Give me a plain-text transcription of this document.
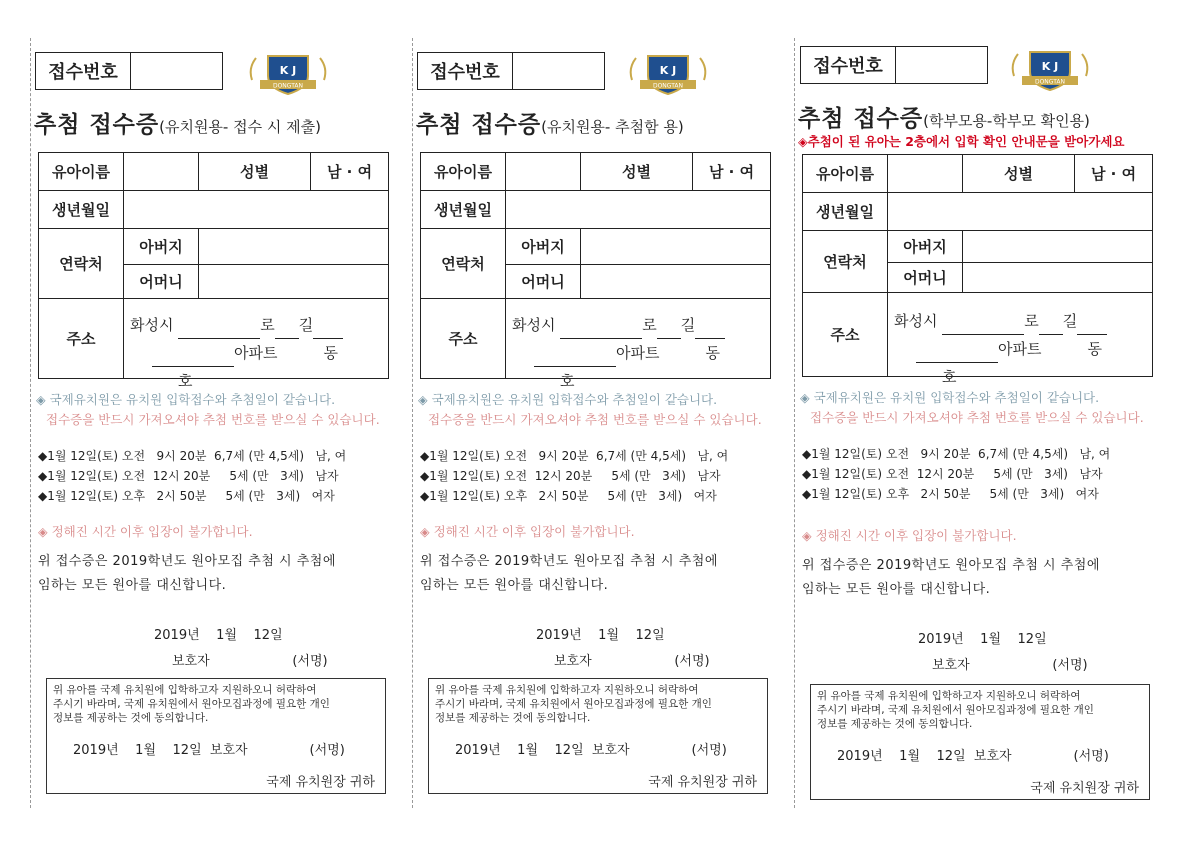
접수번호	K J
DONGTAN
추첨 접수증(유치원용- 접수 시 제출)
유아이름		성별	남 · 여
생년월일			
연락처	아버지		
	어머니		
주소	화성시 로 길
아파트 동호		
◈ 국제유치원은 유치원 입학접수와 추첨일이 같습니다.
접수증을 반드시 가져오셔야 추첨 번호를 받으실 수 있습니다.
◆1월 12일(토) 오전   9시 20분  6,7세 (만 4,5세)   남, 여
◆1월 12일(토) 오전  12시 20분     5세 (만   3세)   남자
◆1월 12일(토) 오후   2시 50분     5세 (만   3세)   여자
◈ 정해진 시간 이후 입장이 불가합니다.
위 접수증은 2019학년도 원아모집 추첨 시 추첨에
임하는 모든 원아를 대신합니다.
2019년    1월    12일
보호자                    (서명)
위 유아를 국제 유치원에 입학하고자 지원하오니 허락하여
주시기 바라며, 국제 유치원에서 원아모집과정에 필요한 개인
정보를 제공하는 것에 동의합니다.
2019년    1월    12일  보호자               (서명)
국제 유치원장 귀하
접수번호	K J
DONGTAN
추첨 접수증(유치원용- 추첨함 용)
유아이름		성별	남 · 여
생년월일			
연락처	아버지		
	어머니		
주소	화성시 로 길
아파트 동호		
◈ 국제유치원은 유치원 입학접수와 추첨일이 같습니다.
접수증을 반드시 가져오셔야 추첨 번호를 받으실 수 있습니다.
◆1월 12일(토) 오전   9시 20분  6,7세 (만 4,5세)   남, 여
◆1월 12일(토) 오전  12시 20분     5세 (만   3세)   남자
◆1월 12일(토) 오후   2시 50분     5세 (만   3세)   여자
◈ 정해진 시간 이후 입장이 불가합니다.
위 접수증은 2019학년도 원아모집 추첨 시 추첨에
임하는 모든 원아를 대신합니다.
2019년    1월    12일
보호자                    (서명)
위 유아를 국제 유치원에 입학하고자 지원하오니 허락하여
주시기 바라며, 국제 유치원에서 원아모집과정에 필요한 개인
정보를 제공하는 것에 동의합니다.
2019년    1월    12일  보호자               (서명)
국제 유치원장 귀하
접수번호	K J
DONGTAN
추첨 접수증(학부모용-학부모 확인용)
◈추첨이 된 유아는 2층에서 입학 확인 안내문을 받아가세요
유아이름		성별	남 · 여
생년월일			
연락처	아버지		
	어머니		
주소	화성시 로 길
아파트 동호		
◈ 국제유치원은 유치원 입학접수와 추첨일이 같습니다.
접수증을 반드시 가져오셔야 추첨 번호를 받으실 수 있습니다.
◆1월 12일(토) 오전   9시 20분  6,7세 (만 4,5세)   남, 여
◆1월 12일(토) 오전  12시 20분     5세 (만   3세)   남자
◆1월 12일(토) 오후   2시 50분     5세 (만   3세)   여자
◈ 정해진 시간 이후 입장이 불가합니다.
위 접수증은 2019학년도 원아모집 추첨 시 추첨에
임하는 모든 원아를 대신합니다.
2019년    1월    12일
보호자                    (서명)
위 유아를 국제 유치원에 입학하고자 지원하오니 허락하여
주시기 바라며, 국제 유치원에서 원아모집과정에 필요한 개인
정보를 제공하는 것에 동의합니다.
2019년    1월    12일  보호자               (서명)
국제 유치원장 귀하
